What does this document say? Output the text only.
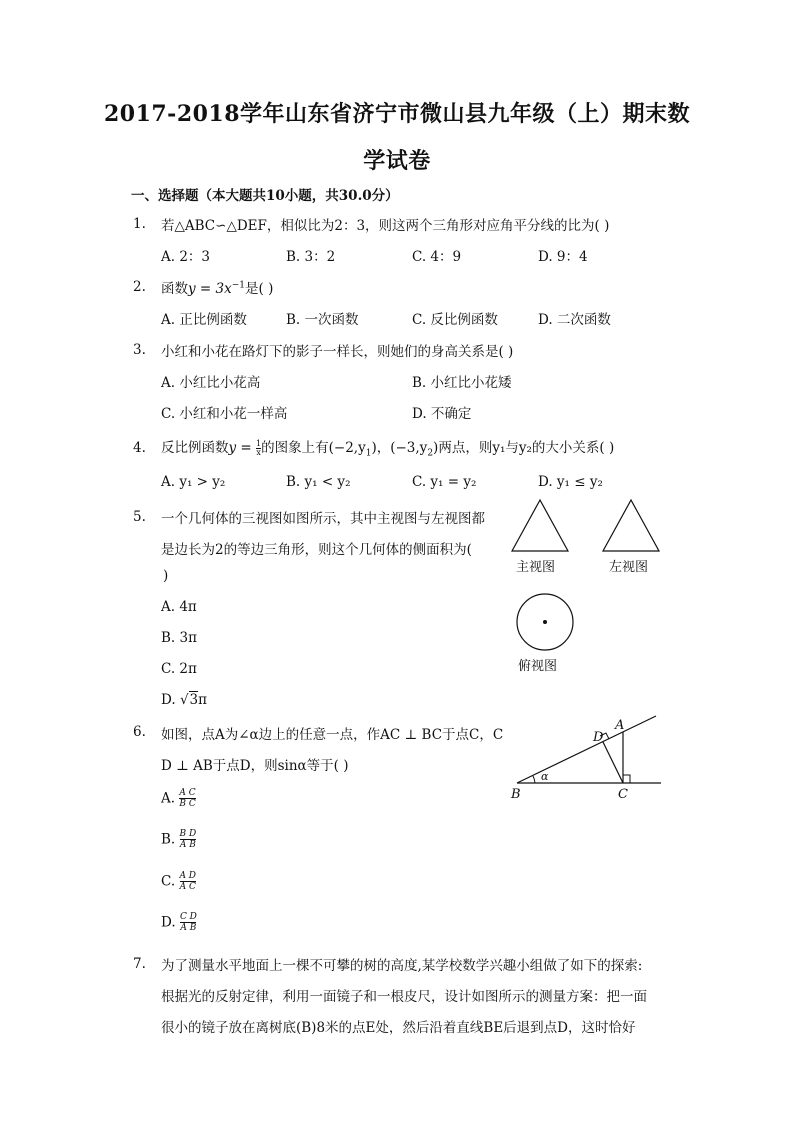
2017-2018学年山东省济宁市微山县九年级（上）期末数
学试卷
一、选择题（本大题共10小题，共30.0分）
1. 若△ABC∽△DEF，相似比为2：3，则这两个三角形对应角平分线的比为( )
A. 2：3	B. 3：2	C. 4：9	D. 9：4
2. 函数$y = 3x^{-1}$是( )
A. 正比例函数	B. 一次函数	C. 反比例函数	D. 二次函数
3. 小红和小花在路灯下的影子一样长，则她们的身高关系是( )
A. 小红比小花高	B. 小红比小花矮
C. 小红和小花一样高	D. 不确定
4. 反比例函数$y = \frac{1}{x}$ 的图象上有$(-2,y_1)$，$(-3,y_2)$两点，则y₁与y₂的大小关系( )
A. y₁ > y₂	B. y₁ < y₂	C. y₁ = y₂	D. y₁ ≤ y₂
5. 一个几何体的三视图如图所示，其中主视图与左视图都
是边长为2的等边三角形，则这个几何体的侧面积为(
)
A. 4π
B. 3π
C. 2π
D. √3π
主视图	左视图
俯视图
6. 如图，点A为∠α边上的任意一点，作AC ⊥ BC于点C，C
D ⊥ AB于点D，则sinα等于( )
A. $\frac{\text{A C}}{\text{B C}}$
B. $\frac{\text{B D}}{\text{A B}}$
C. $\frac{\text{A D}}{\text{A C}}$
D. $\frac{\text{C D}}{\text{A B}}$
A
D
B	C
α
7. 为了测量水平地面上一棵不可攀的树的高度,某学校数学兴趣小组做了如下的探索:
根据光的反射定律，利用一面镜子和一根皮尺，设计如图所示的测量方案：把一面
很小的镜子放在离树底(B)8米的点E处，然后沿着直线BE后退到点D，这时恰好
